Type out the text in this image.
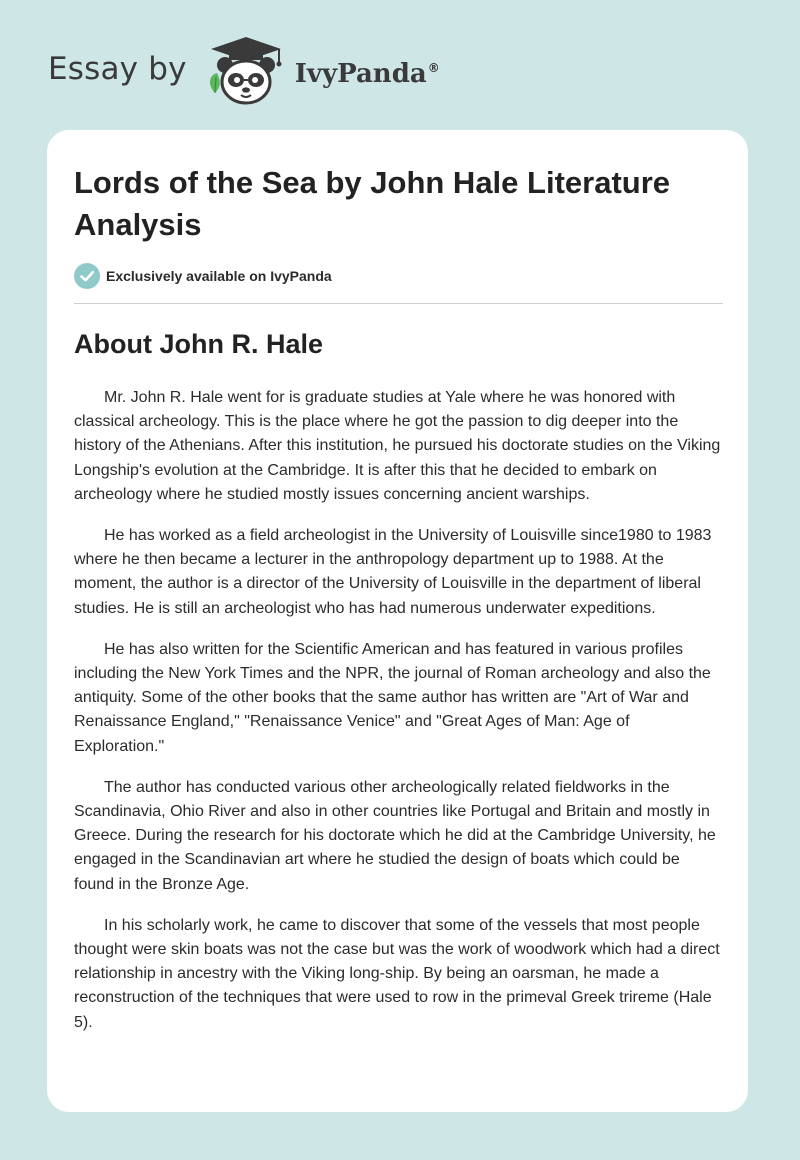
Essay by	IvyPanda®
Lords of the Sea by John Hale Literature Analysis
Exclusively available on IvyPanda
About John R. Hale

Mr. John R. Hale went for is graduate studies at Yale where he was honored with classical archeology. This is the place where he got the passion to dig deeper into the history of the Athenians. After this institution, he pursued his doctorate studies on the Viking Longship's evolution at the Cambridge. It is after this that he decided to embark on archeology where he studied mostly issues concerning ancient warships.

He has worked as a field archeologist in the University of Louisville since1980 to 1983 where he then became a lecturer in the anthropology department up to 1988. At the moment, the author is a director of the University of Louisville in the department of liberal studies. He is still an archeologist who has had numerous underwater expeditions.

He has also written for the Scientific American and has featured in various profiles including the New York Times and the NPR, the journal of Roman archeology and also the antiquity. Some of the other books that the same author has written are "Art of War and Renaissance England," "Renaissance Venice" and "Great Ages of Man: Age of Exploration."

The author has conducted various other archeologically related fieldworks in the Scandinavia, Ohio River and also in other countries like Portugal and Britain and mostly in Greece. During the research for his doctorate which he did at the Cambridge University, he engaged in the Scandinavian art where he studied the design of boats which could be found in the Bronze Age.

In his scholarly work, he came to discover that some of the vessels that most people thought were skin boats was not the case but was the work of woodwork which had a direct relationship in ancestry with the Viking long-ship. By being an oarsman, he made a reconstruction of the techniques that were used to row in the primeval Greek trireme (Hale 5).
